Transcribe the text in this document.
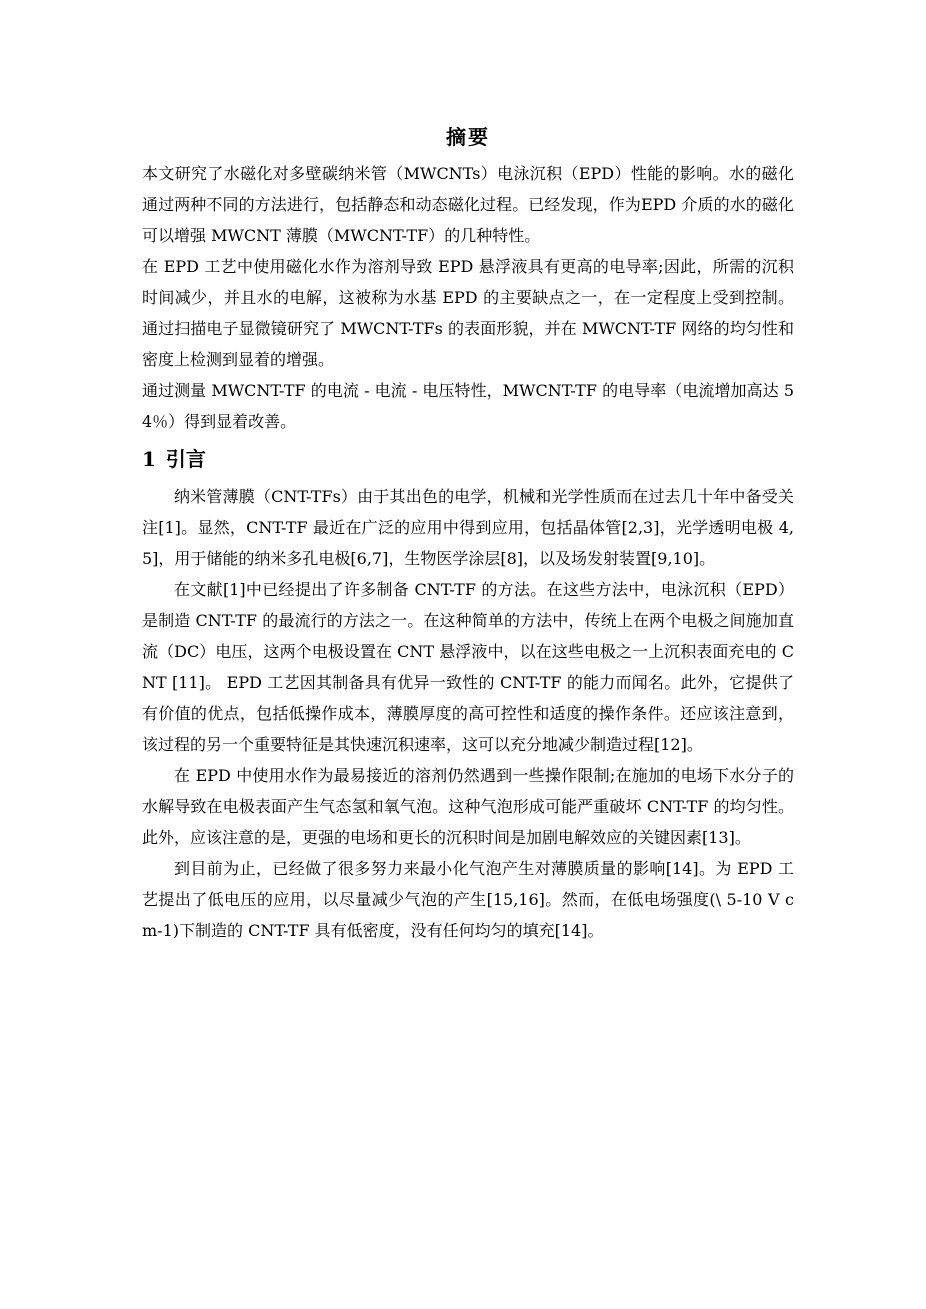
摘要

本文研究了水磁化对多壁碳纳米管（MWCNTs）电泳沉积（EPD）性能的影响。水的磁化通过两种不同的方法进行，包括静态和动态磁化过程。已经发现，作为EPD 介质的水的磁化可以增强 MWCNT 薄膜（MWCNT-TF）的几种特性。

在 EPD 工艺中使用磁化水作为溶剂导致 EPD 悬浮液具有更高的电导率;因此，所需的沉积时间减少，并且水的电解，这被称为水基 EPD 的主要缺点之一，在一定程度上受到控制。通过扫描电子显微镜研究了 MWCNT-TFs 的表面形貌，并在 MWCNT-TF 网络的均匀性和密度上检测到显着的增强。

通过测量 MWCNT-TF 的电流 - 电流 - 电压特性，MWCNT-TF 的电导率（电流增加高达 54％）得到显着改善。

1 引言

纳米管薄膜（CNT-TFs）由于其出色的电学，机械和光学性质而在过去几十年中备受关注[1]。显然，CNT-TF 最近在广泛的应用中得到应用，包括晶体管[2,3]，光学透明电极 4,5]，用于储能的纳米多孔电极[6,7]，生物医学涂层[8]，以及场发射装置[9,10]。

在文献[1]中已经提出了许多制备 CNT-TF 的方法。在这些方法中，电泳沉积（EPD）是制造 CNT-TF 的最流行的方法之一。在这种简单的方法中，传统上在两个电极之间施加直流（DC）电压，这两个电极设置在 CNT 悬浮液中，以在这些电极之一上沉积表面充电的 CNT [11]。 EPD 工艺因其制备具有优异一致性的 CNT-TF 的能力而闻名。此外，它提供了有价值的优点，包括低操作成本，薄膜厚度的高可控性和适度的操作条件。还应该注意到，该过程的另一个重要特征是其快速沉积速率，这可以充分地减少制造过程[12]。

在 EPD 中使用水作为最易接近的溶剂仍然遇到一些操作限制;在施加的电场下水分子的水解导致在电极表面产生气态氢和氧气泡。这种气泡形成可能严重破坏 CNT-TF 的均匀性。此外，应该注意的是，更强的电场和更长的沉积时间是加剧电解效应的关键因素[13]。

到目前为止，已经做了很多努力来最小化气泡产生对薄膜质量的影响[14]。为 EPD 工艺提出了低电压的应用，以尽量减少气泡的产生[15,16]。然而，在低电场强度(\ 5-10 V cm-1)下制造的 CNT-TF 具有低密度，没有任何均匀的填充[14]。
